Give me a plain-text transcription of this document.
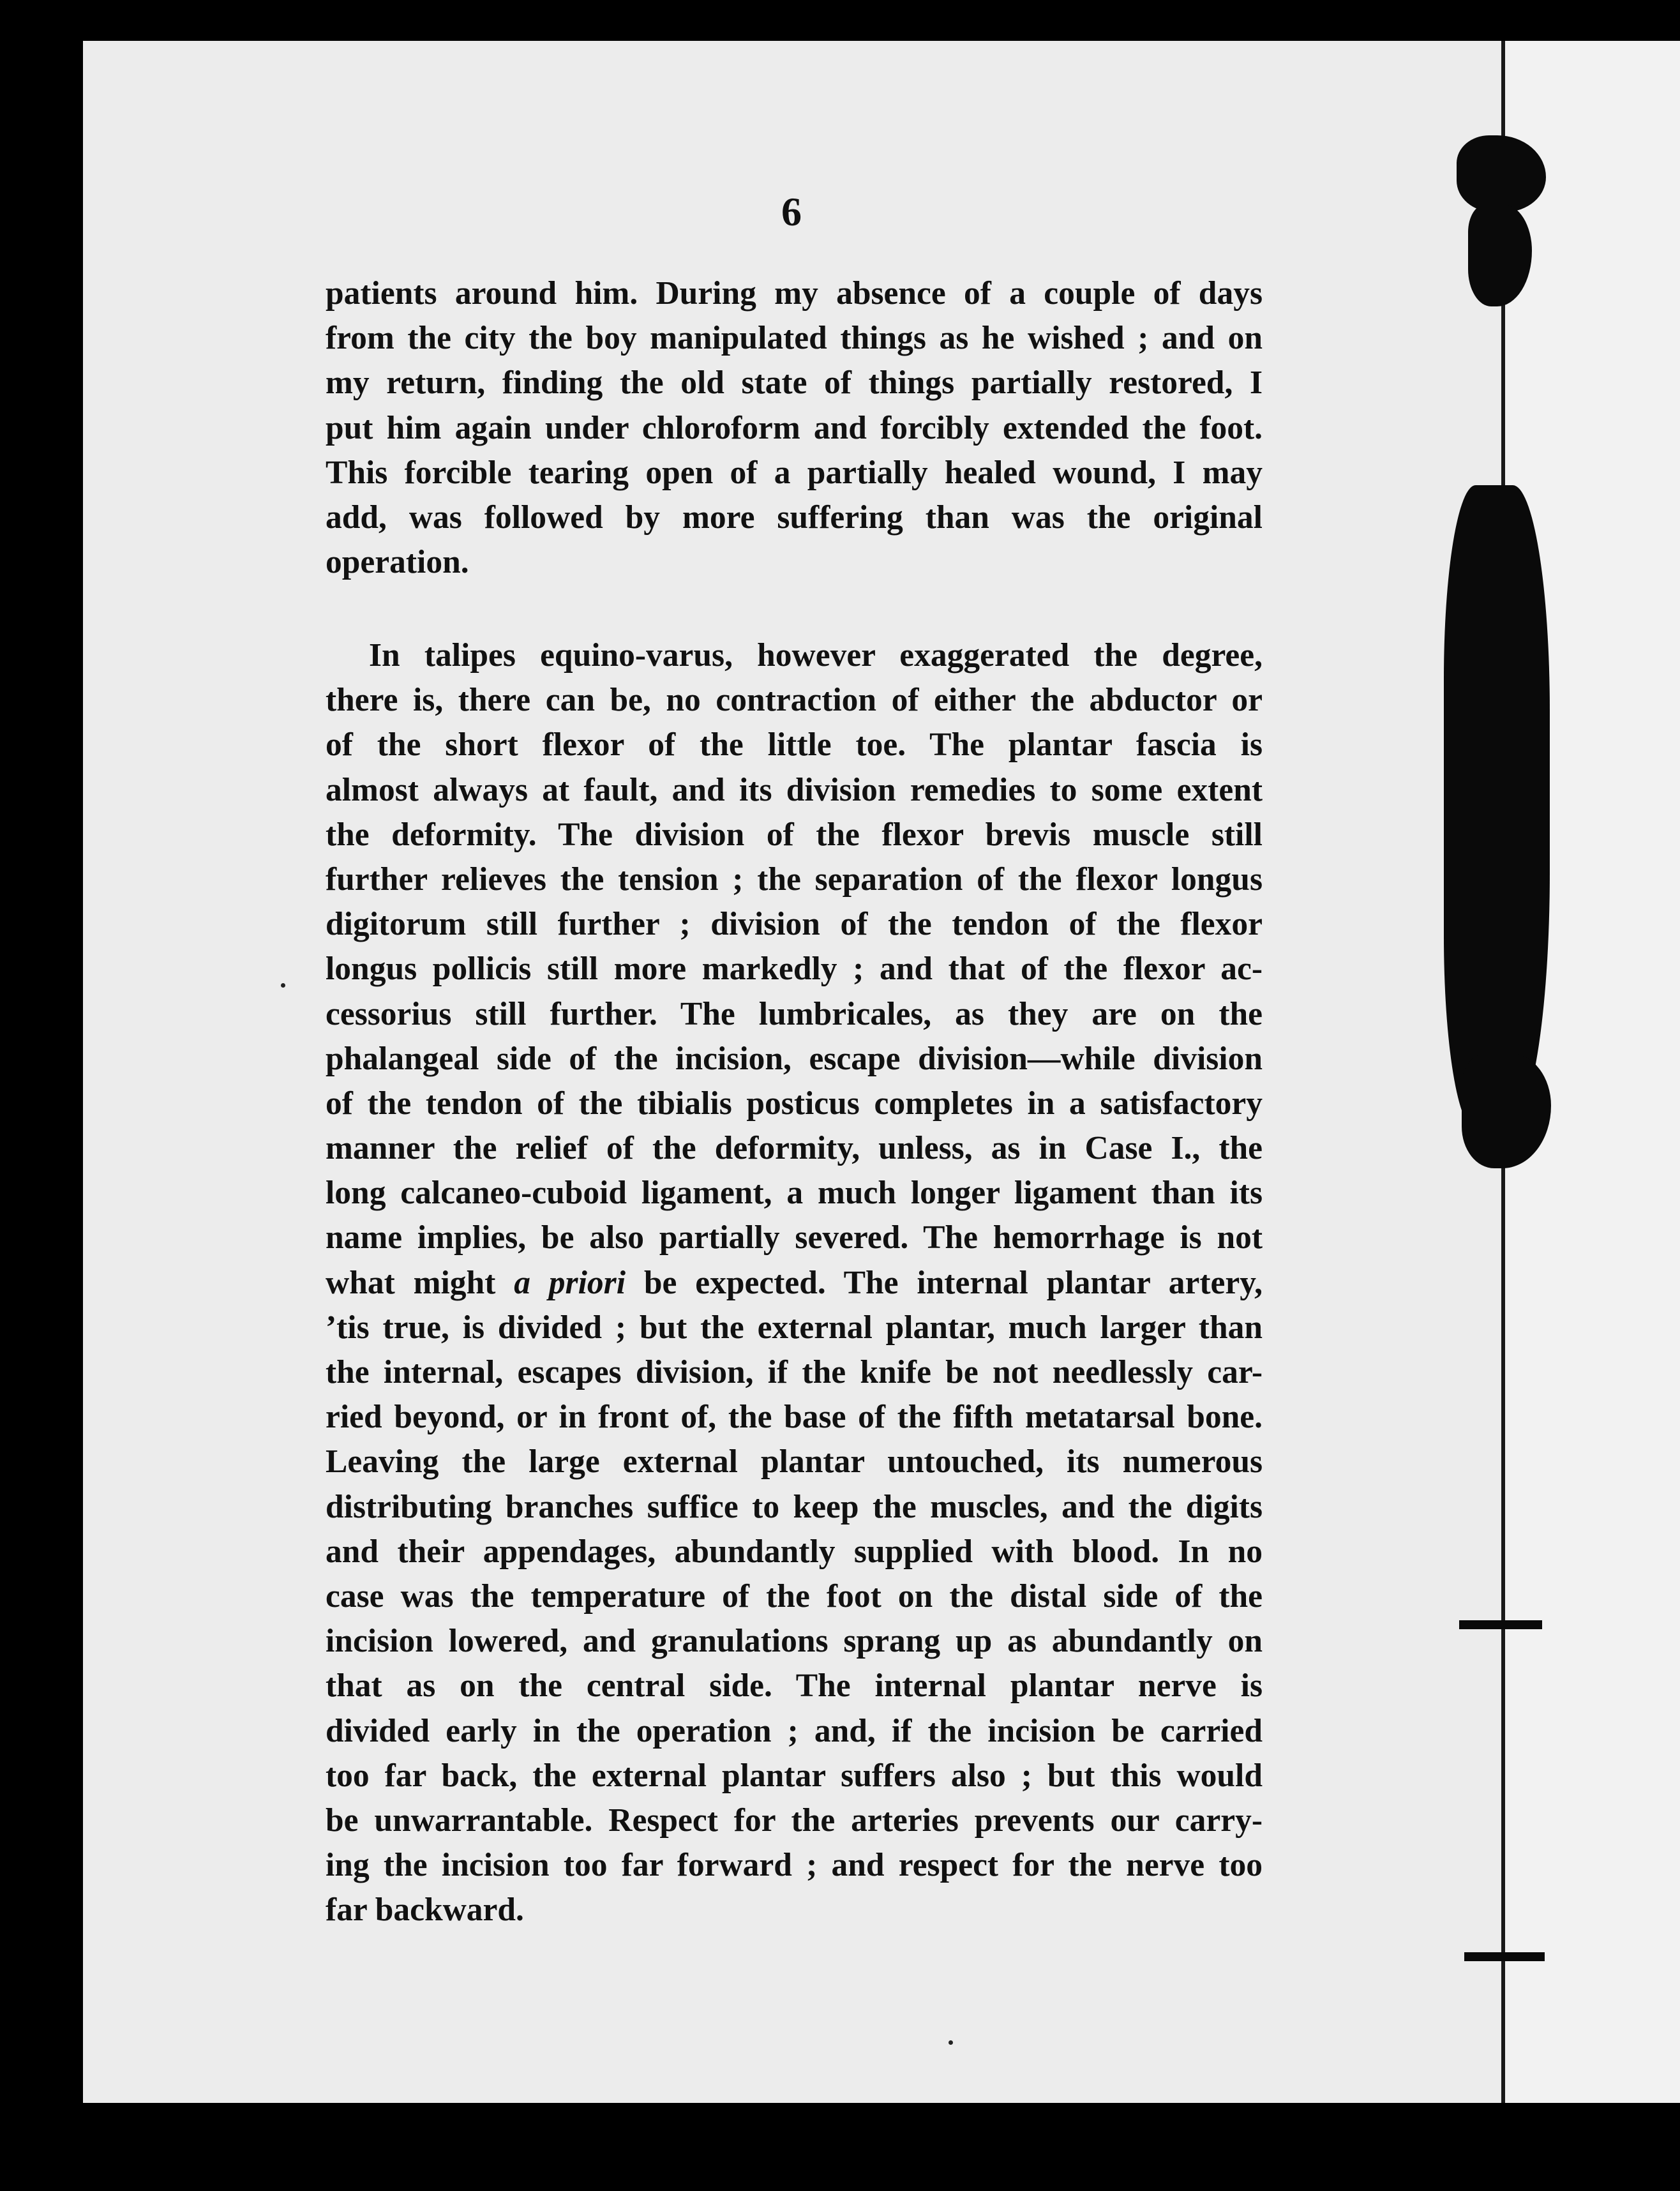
6
patients around him. During my absence of a couple of days
from the city the boy manipulated things as he wished ; and on
my return, finding the old state of things partially restored, I
put him again under chloroform and forcibly extended the foot.
This forcible tearing open of a partially healed wound, I may
add, was followed by more suffering than was the original
operation.
In talipes equino-varus, however exaggerated the degree,
there is, there can be, no contraction of either the abductor or
of the short flexor of the little toe. The plantar fascia is
almost always at fault, and its division remedies to some extent
the deformity. The division of the flexor brevis muscle still
further relieves the tension ; the separation of the flexor longus
digitorum still further ; division of the tendon of the flexor
longus pollicis still more markedly ; and that of the flexor ac-
cessorius still further. The lumbricales, as they are on the
phalangeal side of the incision, escape division—while division
of the tendon of the tibialis posticus completes in a satisfactory
manner the relief of the deformity, unless, as in Case I., the
long calcaneo-cuboid ligament, a much longer ligament than its
name implies, be also partially severed. The hemorrhage is not
what might a priori be expected. The internal plantar artery,
’tis true, is divided ; but the external plantar, much larger than
the internal, escapes division, if the knife be not needlessly car-
ried beyond, or in front of, the base of the fifth metatarsal bone.
Leaving the large external plantar untouched, its numerous
distributing branches suffice to keep the muscles, and the digits
and their appendages, abundantly supplied with blood. In no
case was the temperature of the foot on the distal side of the
incision lowered, and granulations sprang up as abundantly on
that as on the central side. The internal plantar nerve is
divided early in the operation ; and, if the incision be carried
too far back, the external plantar suffers also ; but this would
be unwarrantable. Respect for the arteries prevents our carry-
ing the incision too far forward ; and respect for the nerve too
far backward.
